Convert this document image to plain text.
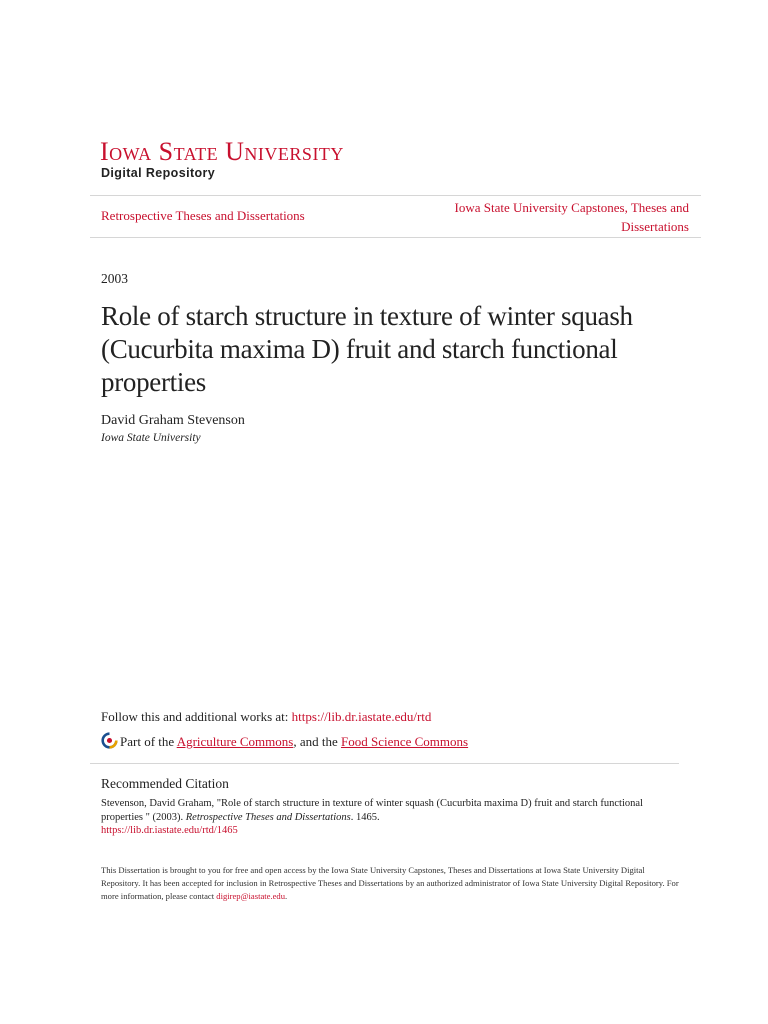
Iowa State University
Digital Repository
Retrospective Theses and Dissertations
Iowa State University Capstones, Theses and Dissertations
2003
Role of starch structure in texture of winter squash (Cucurbita maxima D) fruit and starch functional properties
David Graham Stevenson
Iowa State University
Follow this and additional works at: https://lib.dr.iastate.edu/rtd
Part of the Agriculture Commons, and the Food Science Commons
Recommended Citation
Stevenson, David Graham, "Role of starch structure in texture of winter squash (Cucurbita maxima D) fruit and starch functional properties " (2003). Retrospective Theses and Dissertations. 1465.
https://lib.dr.iastate.edu/rtd/1465
This Dissertation is brought to you for free and open access by the Iowa State University Capstones, Theses and Dissertations at Iowa State University Digital Repository. It has been accepted for inclusion in Retrospective Theses and Dissertations by an authorized administrator of Iowa State University Digital Repository. For more information, please contact digirep@iastate.edu.
